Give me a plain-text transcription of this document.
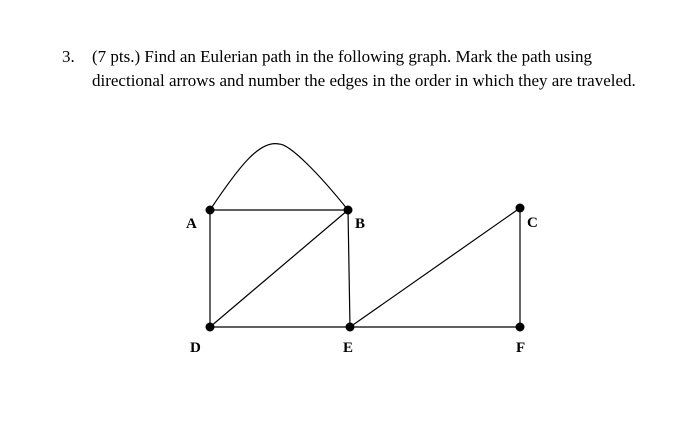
3. (7 pts.) Find an Eulerian path in the following graph. Mark the path using
directional arrows and number the edges in the order in which they are traveled.
A	B	C
D	E	F
